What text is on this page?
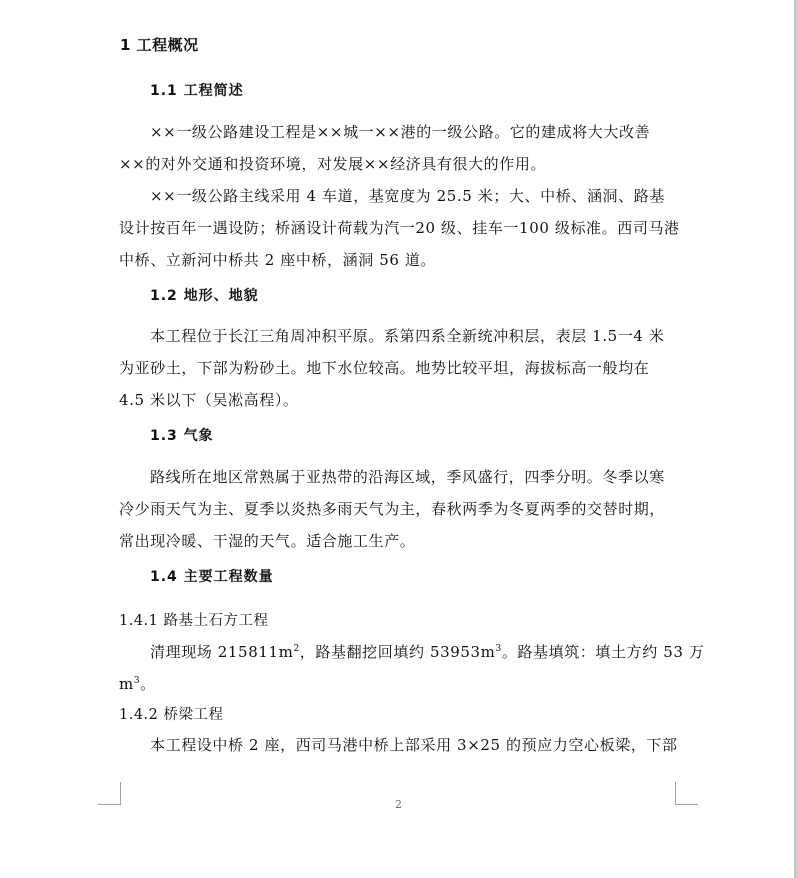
1 工程概况
1.1 工程简述

××一级公路建设工程是××城一××港的一级公路。它的建成将大大改善
××的对外交通和投资环境，对发展××经济具有很大的作用。

××一级公路主线采用 4 车道，基宽度为 25.5 米；大、中桥、涵洞、路基
设计按百年一遇设防；桥涵设计荷载为汽一20 级、挂车一100 级标准。西司马港
中桥、立新河中桥共 2 座中桥，涵洞 56 道。

1.2 地形、地貌

本工程位于长江三角周冲积平原。系第四系全新统冲积层，表层 1.5一4 米
为亚砂土，下部为粉砂土。地下水位较高。地势比较平坦，海拔标高一般均在
4.5 米以下（吴凇高程）。

1.3 气象

路线所在地区常熟属于亚热带的沿海区域，季风盛行，四季分明。冬季以寒
冷少雨天气为主、夏季以炎热多雨天气为主，春秋两季为冬夏两季的交替时期，
常出现冷暖、干湿的天气。适合施工生产。

1.4 主要工程数量
1.4.1 路基土石方工程

清理现场 $215811m^2$，路基翻挖回填约 $53953m^3$。路基填筑：填土方约 53 万
$m^3$。

1.4.2 桥梁工程

本工程设中桥 2 座，西司马港中桥上部采用 3×25 的预应力空心板梁，下部

2
